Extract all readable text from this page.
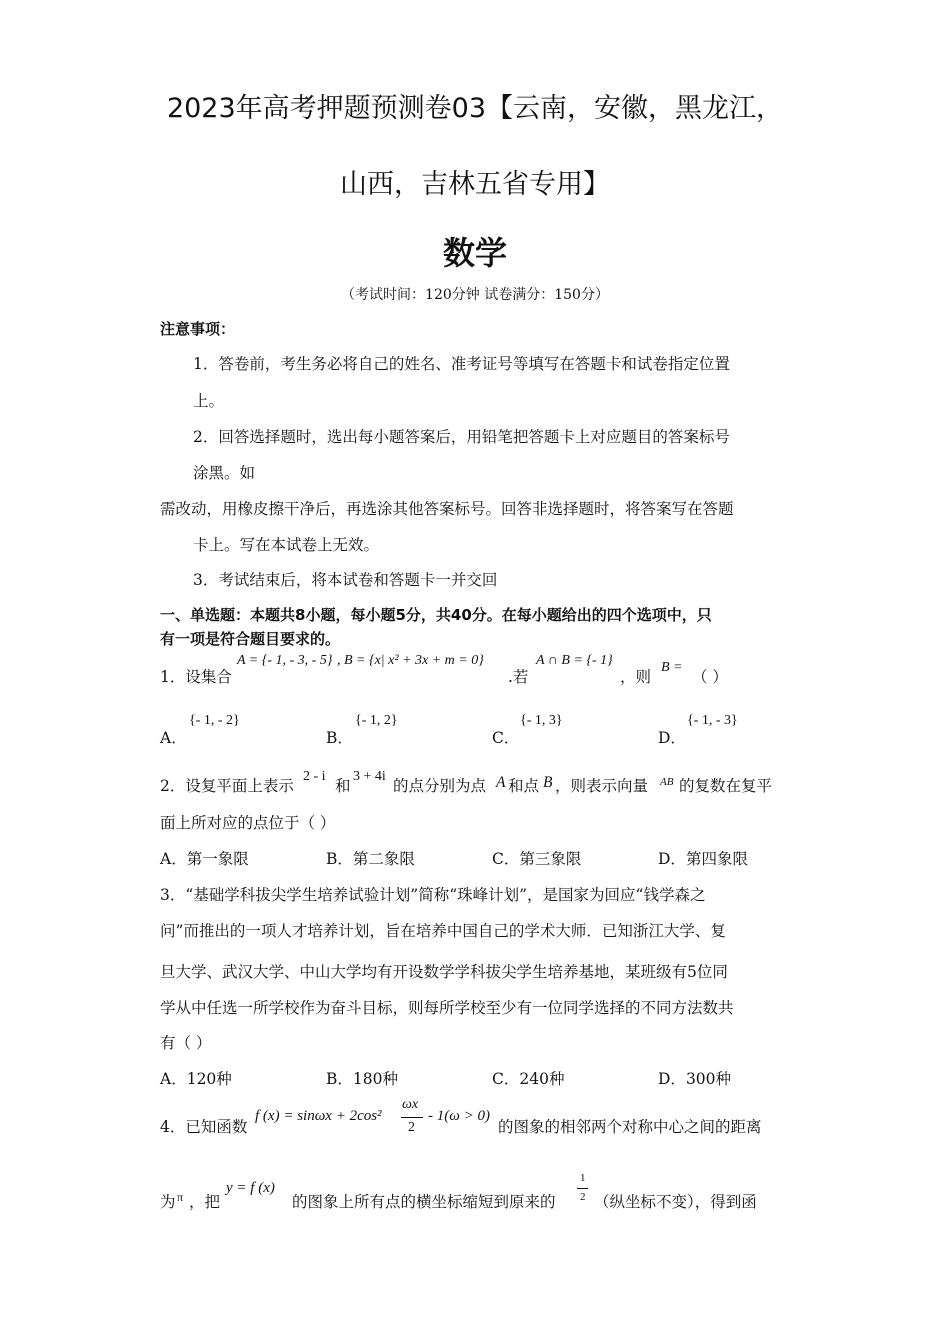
2023年高考押题预测卷03【云南，安徽，黑龙江，
山西，吉林五省专用】
数学
（考试时间：120分钟 试卷满分：150分）
注意事项：
1．答卷前，考生务必将自己的姓名、准考证号等填写在答题卡和试卷指定位置
上。
2．回答选择题时，选出每小题答案后，用铅笔把答题卡上对应题目的答案标号
涂黑。如
需改动，用橡皮擦干净后，再选涂其他答案标号。回答非选择题时，将答案写在答题
卡上。写在本试卷上无效。
3．考试结束后，将本试卷和答题卡一并交回
一、单选题：本题共8小题，每小题5分，共40分。在每小题给出的四个选项中，只
有一项是符合题目要求的。
1．设集合
A = {- 1, - 3, - 5} , B = {x| x² + 3x + m = 0}
.若
A ∩ B = {- 1}
，则
B =
（ ）
A．
{- 1, - 2}
B．
{- 1, 2}
C．
{- 1, 3}
D．
{- 1, - 3}
2．设复平面上表示
2 - i
和
3 + 4i
的点分别为点 A 和点 B ，则表示向量 AB 的复数在复平
面上所对应的点位于（ ）
A．第一象限	B．第二象限	C．第三象限	D．第四象限
3．“基础学科拔尖学生培养试验计划”简称“珠峰计划”，是国家为回应“钱学森之
问”而推出的一项人才培养计划，旨在培养中国自己的学术大师．已知浙江大学、复
旦大学、武汉大学、中山大学均有开设数学学科拔尖学生培养基地，某班级有5位同
学从中任选一所学校作为奋斗目标，则每所学校至少有一位同学选择的不同方法数共
有（ ）
A．120种	B．180种	C．240种	D．300种
4．已知函数
f (x) = sinωx + 2cos²
ωx
2
- 1(ω > 0)
的图象的相邻两个对称中心之间的距离
为 π ，把
y = f (x)
的图象上所有点的横坐标缩短到原来的
1
2 （纵坐标不变），得到函
